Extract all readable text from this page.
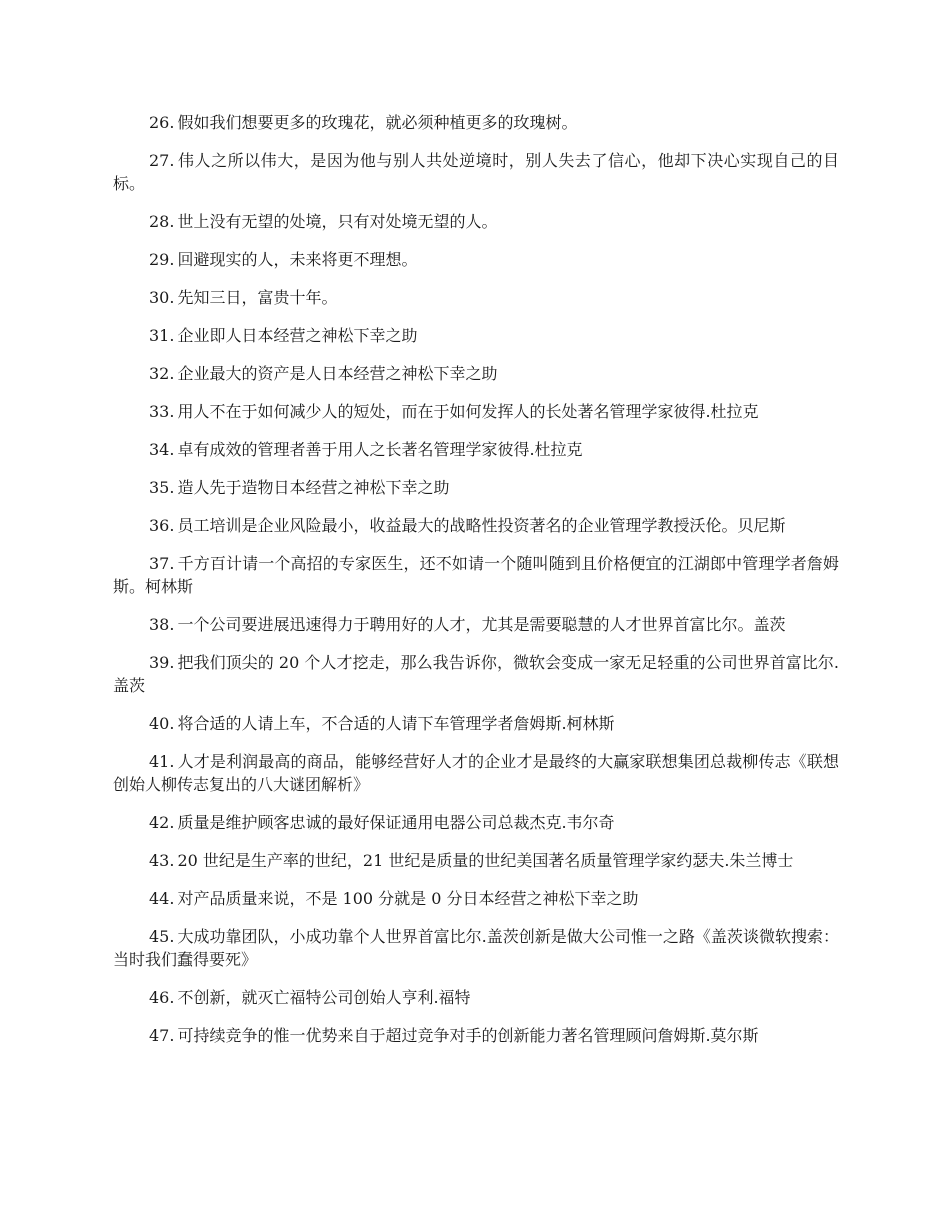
26. 假如我们想要更多的玫瑰花，就必须种植更多的玫瑰树。

27. 伟人之所以伟大，是因为他与别人共处逆境时，别人失去了信心，他却下决心实现自己的目标。

28. 世上没有无望的处境，只有对处境无望的人。

29. 回避现实的人，未来将更不理想。

30. 先知三日，富贵十年。

31. 企业即人日本经营之神松下幸之助

32. 企业最大的资产是人日本经营之神松下幸之助

33. 用人不在于如何减少人的短处，而在于如何发挥人的长处著名管理学家彼得.杜拉克

34. 卓有成效的管理者善于用人之长著名管理学家彼得.杜拉克

35. 造人先于造物日本经营之神松下幸之助

36. 员工培训是企业风险最小，收益最大的战略性投资著名的企业管理学教授沃伦。贝尼斯

37. 千方百计请一个高招的专家医生，还不如请一个随叫随到且价格便宜的江湖郎中管理学者詹姆斯。柯林斯

38. 一个公司要进展迅速得力于聘用好的人才，尤其是需要聪慧的人才世界首富比尔。盖茨

39. 把我们顶尖的 20 个人才挖走，那么我告诉你，微软会变成一家无足轻重的公司世界首富比尔.盖茨

40. 将合适的人请上车，不合适的人请下车管理学者詹姆斯.柯林斯

41. 人才是利润最高的商品，能够经营好人才的企业才是最终的大赢家联想集团总裁柳传志《联想创始人柳传志复出的八大谜团解析》

42. 质量是维护顾客忠诚的最好保证通用电器公司总裁杰克.韦尔奇

43. 20 世纪是生产率的世纪，21 世纪是质量的世纪美国著名质量管理学家约瑟夫.朱兰博士

44. 对产品质量来说，不是 100 分就是 0 分日本经营之神松下幸之助

45. 大成功靠团队，小成功靠个人世界首富比尔.盖茨创新是做大公司惟一之路《盖茨谈微软搜索：当时我们蠢得要死》

46. 不创新，就灭亡福特公司创始人亨利.福特

47. 可持续竞争的惟一优势来自于超过竞争对手的创新能力著名管理顾问詹姆斯.莫尔斯
